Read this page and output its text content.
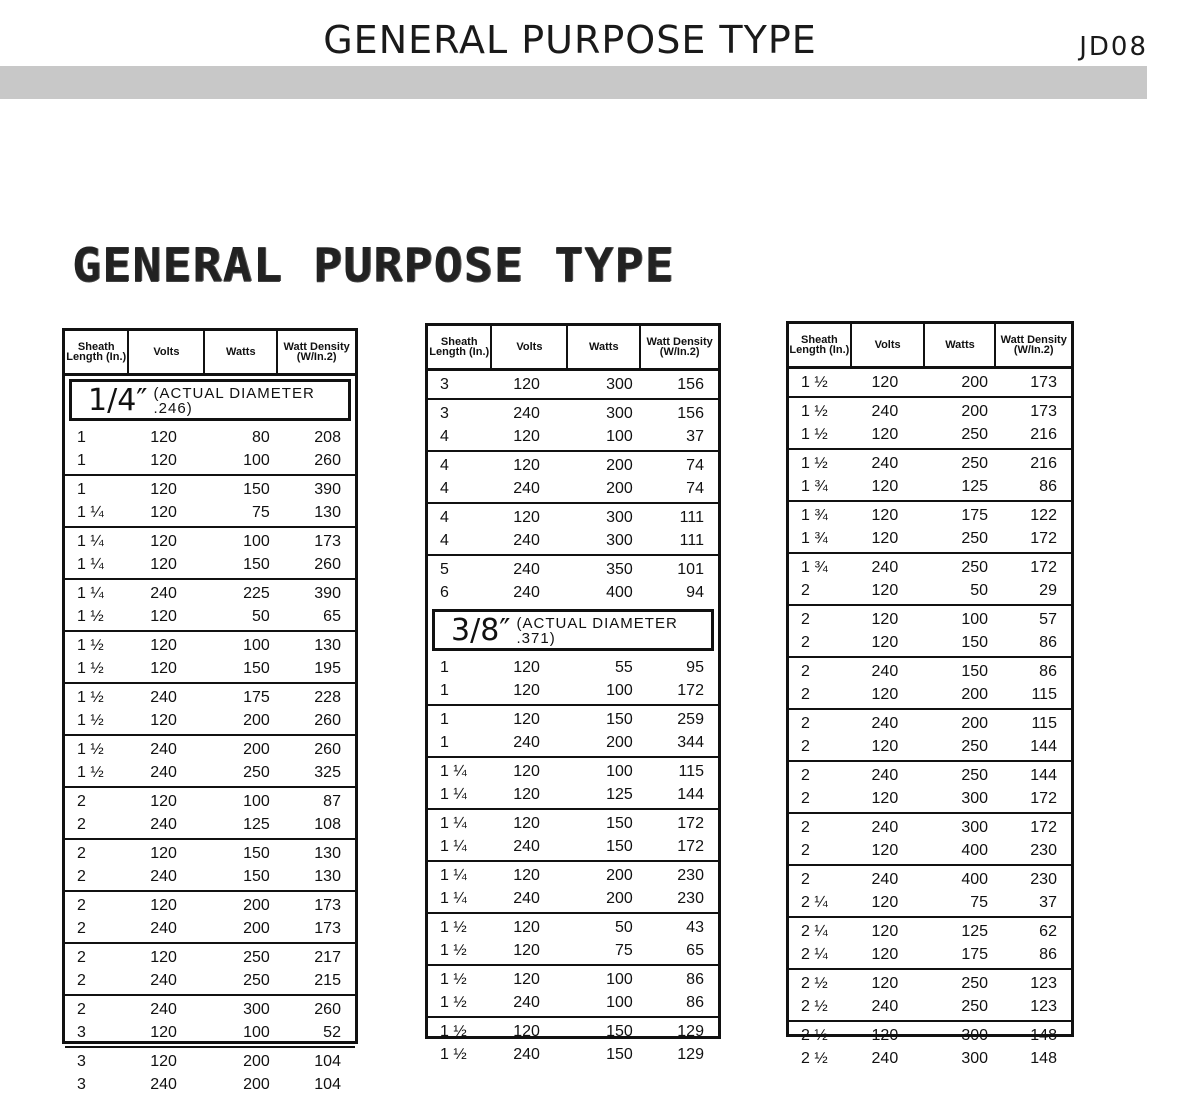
GENERAL PURPOSE TYPE	JD08
GENERAL PURPOSE TYPE
Sheath Length (In.)	Volts	Watts	Watt Density (W/In.2)
1/4″ (ACTUAL DIAMETER .246)
1	120	80	208
1	120	100	260
1	120	150	390
1 ¼	120	75	130
1 ¼	120	100	173
1 ¼	120	150	260
1 ¼	240	225	390
1 ½	120	50	65
1 ½	120	100	130
1 ½	120	150	195
1 ½	240	175	228
1 ½	120	200	260
1 ½	240	200	260
1 ½	240	250	325
2	120	100	87
2	240	125	108
2	120	150	130
2	240	150	130
2	120	200	173
2	240	200	173
2	120	250	217
2	240	250	215
2	240	300	260
3	120	100	52
3	120	200	104
3	240	200	104
Sheath Length (In.)	Volts	Watts	Watt Density (W/In.2)
3	120	300	156
3	240	300	156
4	120	100	37
4	120	200	74
4	240	200	74
4	120	300	111
4	240	300	111
5	240	350	101
6	240	400	94
3/8″ (ACTUAL DIAMETER .371)
1	120	55	95
1	120	100	172
1	120	150	259
1	240	200	344
1 ¼	120	100	115
1 ¼	120	125	144
1 ¼	120	150	172
1 ¼	240	150	172
1 ¼	120	200	230
1 ¼	240	200	230
1 ½	120	50	43
1 ½	120	75	65
1 ½	120	100	86
1 ½	240	100	86
1 ½	120	150	129
1 ½	240	150	129
Sheath Length (In.)	Volts	Watts	Watt Density (W/In.2)
1 ½	120	200	173
1 ½	240	200	173
1 ½	120	250	216
1 ½	240	250	216
1 ¾	120	125	86
1 ¾	120	175	122
1 ¾	120	250	172
1 ¾	240	250	172
2	120	50	29
2	120	100	57
2	120	150	86
2	240	150	86
2	120	200	115
2	240	200	115
2	120	250	144
2	240	250	144
2	120	300	172
2	240	300	172
2	120	400	230
2	240	400	230
2 ¼	120	75	37
2 ¼	120	125	62
2 ¼	120	175	86
2 ½	120	250	123
2 ½	240	250	123
2 ½	120	300	148
2 ½	240	300	148
